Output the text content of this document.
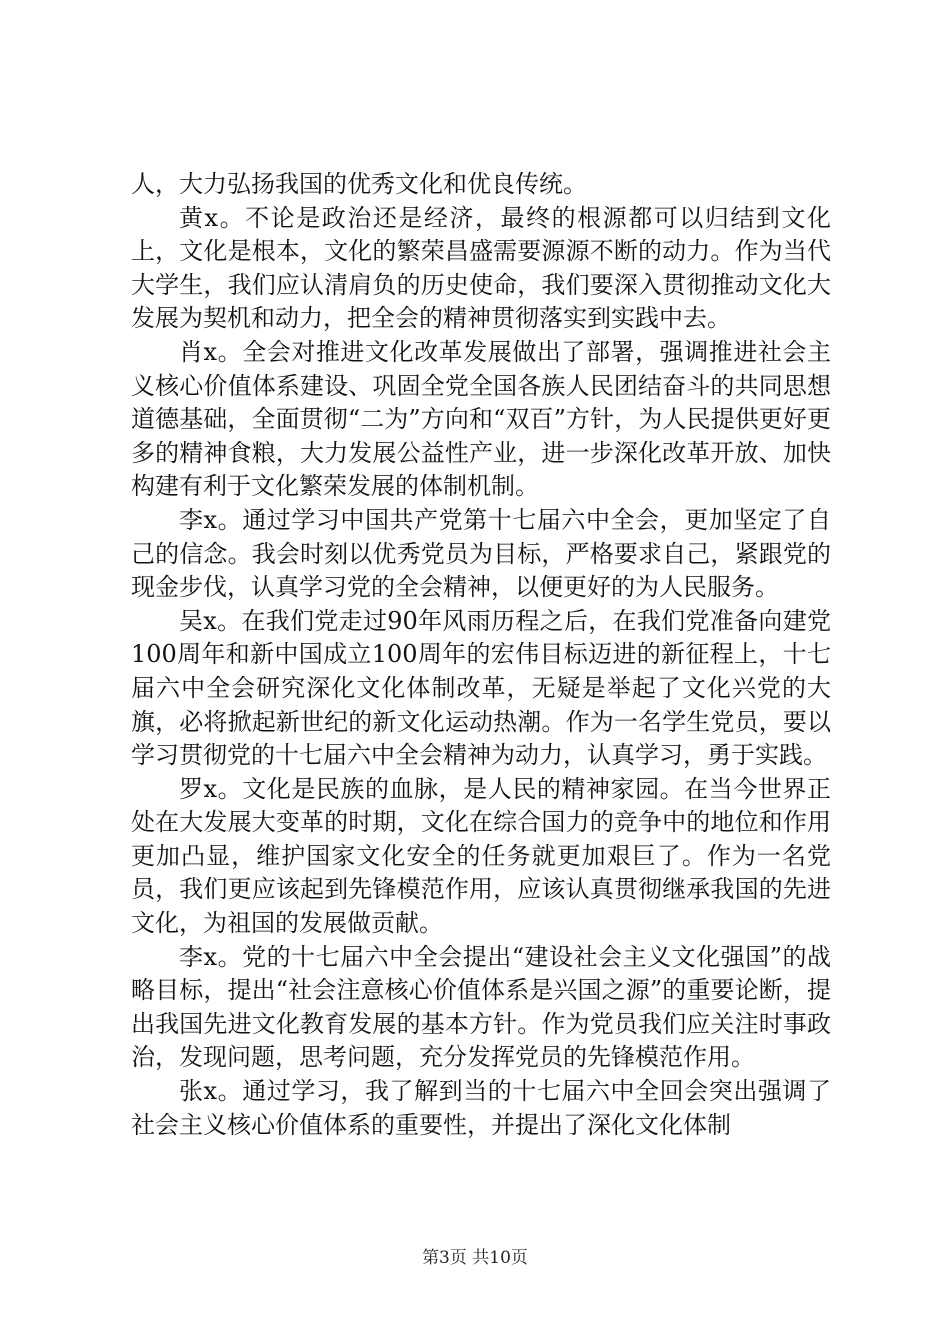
人，大力弘扬我国的优秀文化和优良传统。

黄x。不论是政治还是经济，最终的根源都可以归结到文化上，文化是根本，文化的繁荣昌盛需要源源不断的动力。作为当代大学生，我们应认清肩负的历史使命，我们要深入贯彻推动文化大发展为契机和动力，把全会的精神贯彻落实到实践中去。

肖x。全会对推进文化改革发展做出了部署，强调推进社会主义核心价值体系建设、巩固全党全国各族人民团结奋斗的共同思想道德基础，全面贯彻“二为”方向和“双百”方针，为人民提供更好更多的精神食粮，大力发展公益性产业，进一步深化改革开放、加快构建有利于文化繁荣发展的体制机制。

李x。通过学习中国共产党第十七届六中全会，更加坚定了自己的信念。我会时刻以优秀党员为目标，严格要求自己，紧跟党的现金步伐，认真学习党的全会精神，以便更好的为人民服务。

吴x。在我们党走过90年风雨历程之后，在我们党准备向建党100周年和新中国成立100周年的宏伟目标迈进的新征程上，十七届六中全会研究深化文化体制改革，无疑是举起了文化兴党的大旗，必将掀起新世纪的新文化运动热潮。作为一名学生党员，要以学习贯彻党的十七届六中全会精神为动力，认真学习，勇于实践。

罗x。文化是民族的血脉，是人民的精神家园。在当今世界正处在大发展大变革的时期，文化在综合国力的竞争中的地位和作用更加凸显，维护国家文化安全的任务就更加艰巨了。作为一名党员，我们更应该起到先锋模范作用，应该认真贯彻继承我国的先进文化，为祖国的发展做贡献。

李x。党的十七届六中全会提出“建设社会主义文化强国”的战略目标，提出“社会注意核心价值体系是兴国之源”的重要论断，提出我国先进文化教育发展的基本方针。作为党员我们应关注时事政治，发现问题，思考问题，充分发挥党员的先锋模范作用。

张x。通过学习，我了解到当的十七届六中全回会突出强调了社会主义核心价值体系的重要性，并提出了深化文化体制

第3页 共10页
